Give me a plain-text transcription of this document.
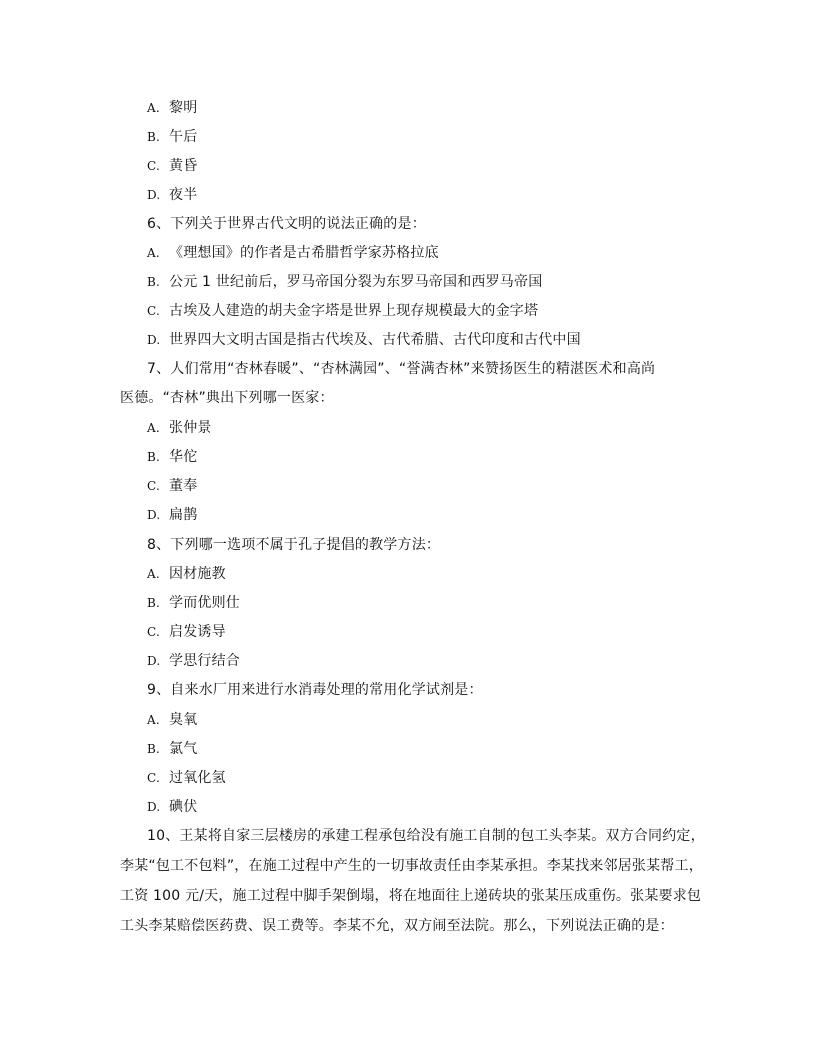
A. 黎明
B. 午后
C. 黄昏
D. 夜半
6、下列关于世界古代文明的说法正确的是：
A. 《理想国》的作者是古希腊哲学家苏格拉底
B. 公元 1 世纪前后，罗马帝国分裂为东罗马帝国和西罗马帝国
C. 古埃及人建造的胡夫金字塔是世界上现存规模最大的金字塔
D. 世界四大文明古国是指古代埃及、古代希腊、古代印度和古代中国
7、人们常用“杏林春暖”、“杏林满园”、“誉满杏林”来赞扬医生的精湛医术和高尚
医德。“杏林”典出下列哪一医家：
A. 张仲景
B. 华佗
C. 董奉
D. 扁鹊
8、下列哪一选项不属于孔子提倡的教学方法：
A. 因材施教
B. 学而优则仕
C. 启发诱导
D. 学思行结合
9、自来水厂用来进行水消毒处理的常用化学试剂是：
A. 臭氧
B. 氯气
C. 过氧化氢
D. 碘伏
10、王某将自家三层楼房的承建工程承包给没有施工自制的包工头李某。双方合同约定，
李某“包工不包料”，在施工过程中产生的一切事故责任由李某承担。李某找来邻居张某帮工，
工资 100 元/天，施工过程中脚手架倒塌，将在地面往上递砖块的张某压成重伤。张某要求包
工头李某赔偿医药费、误工费等。李某不允，双方闹至法院。那么，下列说法正确的是：
